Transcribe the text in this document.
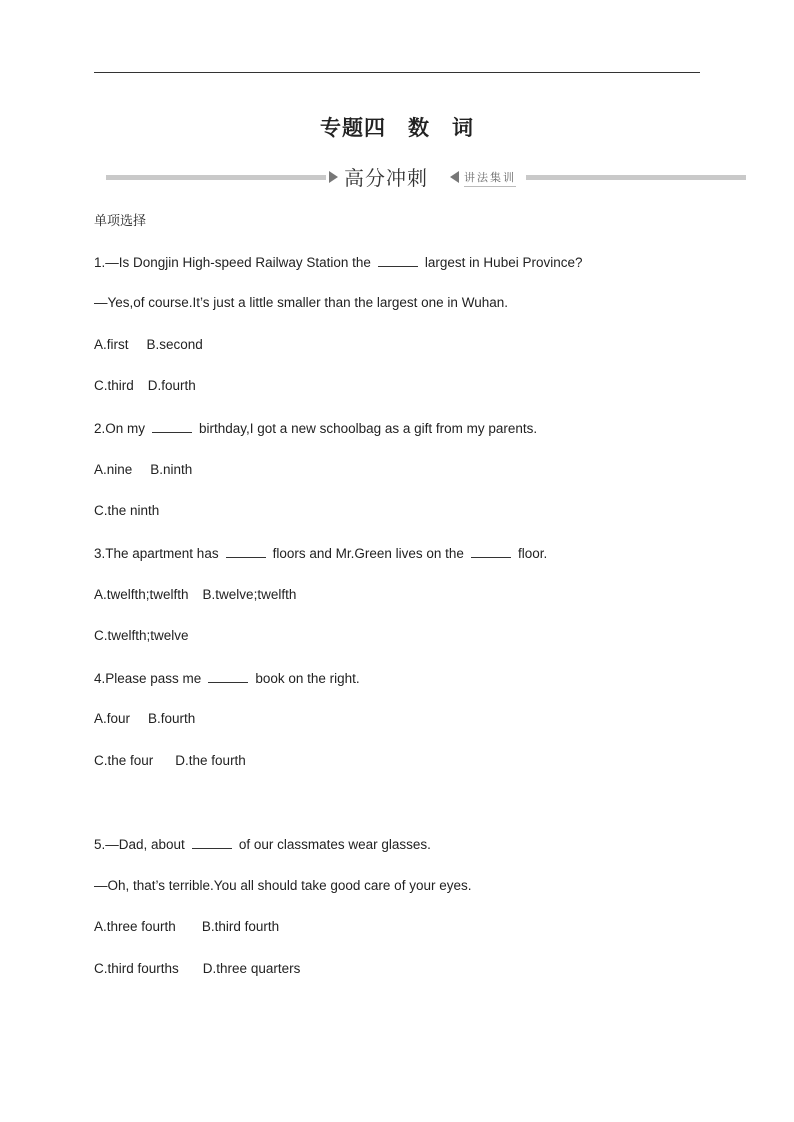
专题四　数　词
高分冲刺	讲法集训
单项选择
1.—Is Dongjin High-speed Railway Station the	largest in Hubei Province?
—Yes,of course.It’s just a little smaller than the largest one in Wuhan.
A.first B.second
C.third D.fourth
2.On my	birthday,I got a new schoolbag as a gift from my parents.
A.nine B.ninth
C.the ninth
3.The apartment has	floors and Mr.Green lives on the	floor.
A.twelfth;twelfth B.twelve;twelfth
C.twelfth;twelve
4.Please pass me	book on the right.
A.four B.fourth
C.the four D.the fourth
5.—Dad, about	of our classmates wear glasses.
—Oh, that’s terrible.You all should take good care of your eyes.
A.three fourth B.third fourth
C.third fourths D.three quarters
